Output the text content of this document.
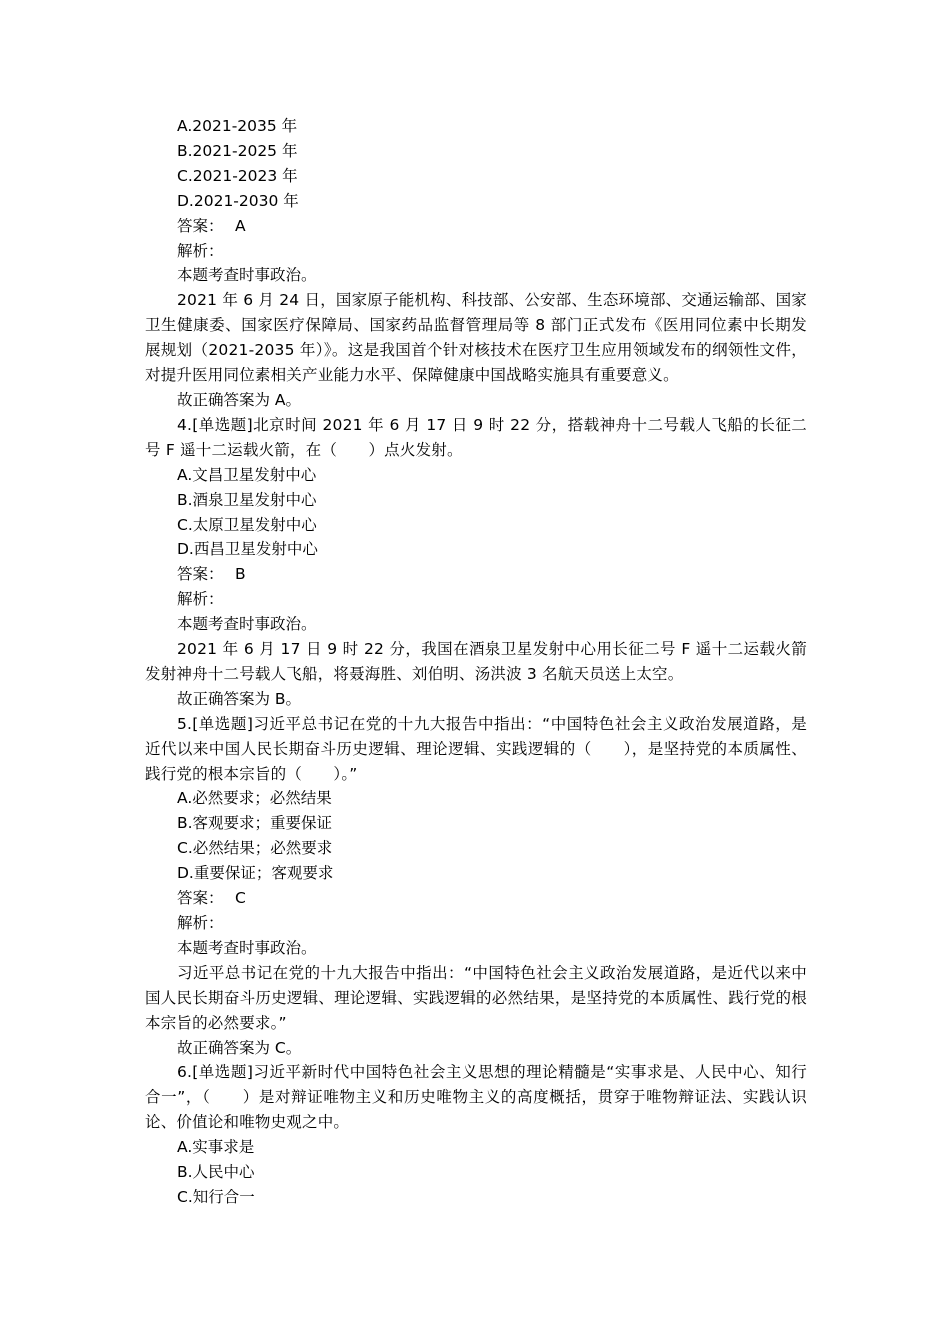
A.2021-2035 年

B.2021-2025 年

C.2021-2023 年

D.2021-2030 年

答案： A

解析：

本题考查时事政治。

2021 年 6 月 24 日，国家原子能机构、科技部、公安部、生态环境部、交通运输部、国家卫生健康委、国家医疗保障局、国家药品监督管理局等 8 部门正式发布《医用同位素中长期发展规划（2021-2035 年）》。这是我国首个针对核技术在医疗卫生应用领域发布的纲领性文件，对提升医用同位素相关产业能力水平、保障健康中国战略实施具有重要意义。

故正确答案为 A。

4.[单选题]北京时间 2021 年 6 月 17 日 9 时 22 分，搭载神舟十二号载人飞船的长征二号 F 遥十二运载火箭，在（　　）点火发射。

A.文昌卫星发射中心

B.酒泉卫星发射中心

C.太原卫星发射中心

D.西昌卫星发射中心

答案： B

解析：

本题考查时事政治。

2021 年 6 月 17 日 9 时 22 分，我国在酒泉卫星发射中心用长征二号 F 遥十二运载火箭发射神舟十二号载人飞船，将聂海胜、刘伯明、汤洪波 3 名航天员送上太空。

故正确答案为 B。

5.[单选题]习近平总书记在党的十九大报告中指出：“中国特色社会主义政治发展道路，是近代以来中国人民长期奋斗历史逻辑、理论逻辑、实践逻辑的（　　），是坚持党的本质属性、践行党的根本宗旨的（　　）。”

A.必然要求；必然结果

B.客观要求；重要保证

C.必然结果；必然要求

D.重要保证；客观要求

答案： C

解析：

本题考查时事政治。

习近平总书记在党的十九大报告中指出：“中国特色社会主义政治发展道路，是近代以来中国人民长期奋斗历史逻辑、理论逻辑、实践逻辑的必然结果，是坚持党的本质属性、践行党的根本宗旨的必然要求。”

故正确答案为 C。

6.[单选题]习近平新时代中国特色社会主义思想的理论精髓是“实事求是、人民中心、知行合一”，（　　）是对辩证唯物主义和历史唯物主义的高度概括，贯穿于唯物辩证法、实践认识论、价值论和唯物史观之中。

A.实事求是

B.人民中心

C.知行合一
